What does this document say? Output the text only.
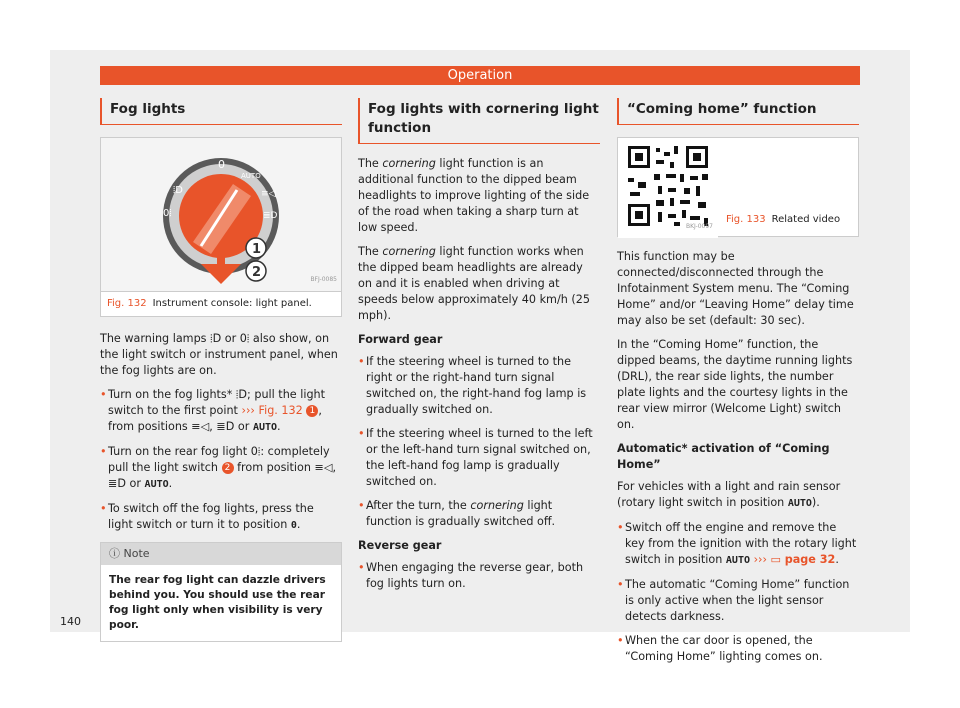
Operation
Fog lights
0
AUTO
⦙D
0⦙
≡◁
≣D
1
2	BFJ-0085
Fig. 132 Instrument console: light panel.

The warning lamps ⦙D or 0⦙ also show, on the light switch or instrument panel, when the fog lights are on.

• Turn on the fog lights* ⦙D; pull the light switch to the first point ››› Fig. 132 1 , from positions ≡◁, ≣D or AUTO.
• Turn on the rear fog light 0⦙: completely pull the light switch 2 from position ≡◁, ≣D or AUTO.
• To switch off the fog lights, press the light switch or turn it to position 0.
ⓘ Note
The rear fog light can dazzle drivers behind you. You should use the rear fog light only when visibility is very poor.
Fog lights with cornering light function

The cornering light function is an additional function to the dipped beam headlights to improve lighting of the side of the road when taking a sharp turn at low speed.

The cornering light function works when the dipped beam headlights are already on and it is enabled when driving at speeds below approximately 40 km/h (25 mph).

Forward gear
• If the steering wheel is turned to the right or the right-hand turn signal switched on, the right-hand fog lamp is gradually switched on.
• If the steering wheel is turned to the left or the left-hand turn signal switched on, the left-hand fog lamp is gradually switched on.
• After the turn, the cornering light function is gradually switched off.
Reverse gear
• When engaging the reverse gear, both fog lights turn on.
“Coming home” function
BKJ-0097
Fig. 133 Related video

This function may be connected/disconnected through the Infotainment System menu. The “Coming Home” and/or “Leaving Home” delay time may also be set (default: 30 sec).

In the “Coming Home” function, the dipped beams, the daytime running lights (DRL), the rear side lights, the number plate lights and the courtesy lights in the rear view mirror (Welcome Light) switch on.

Automatic* activation of “Coming Home”

For vehicles with a light and rain sensor (rotary light switch in position AUTO).

• Switch off the engine and remove the key from the ignition with the rotary light switch in position AUTO ››› ▭ page 32.
• The automatic “Coming Home” function is only active when the light sensor detects darkness.
• When the car door is opened, the “Coming Home” lighting comes on.
140
